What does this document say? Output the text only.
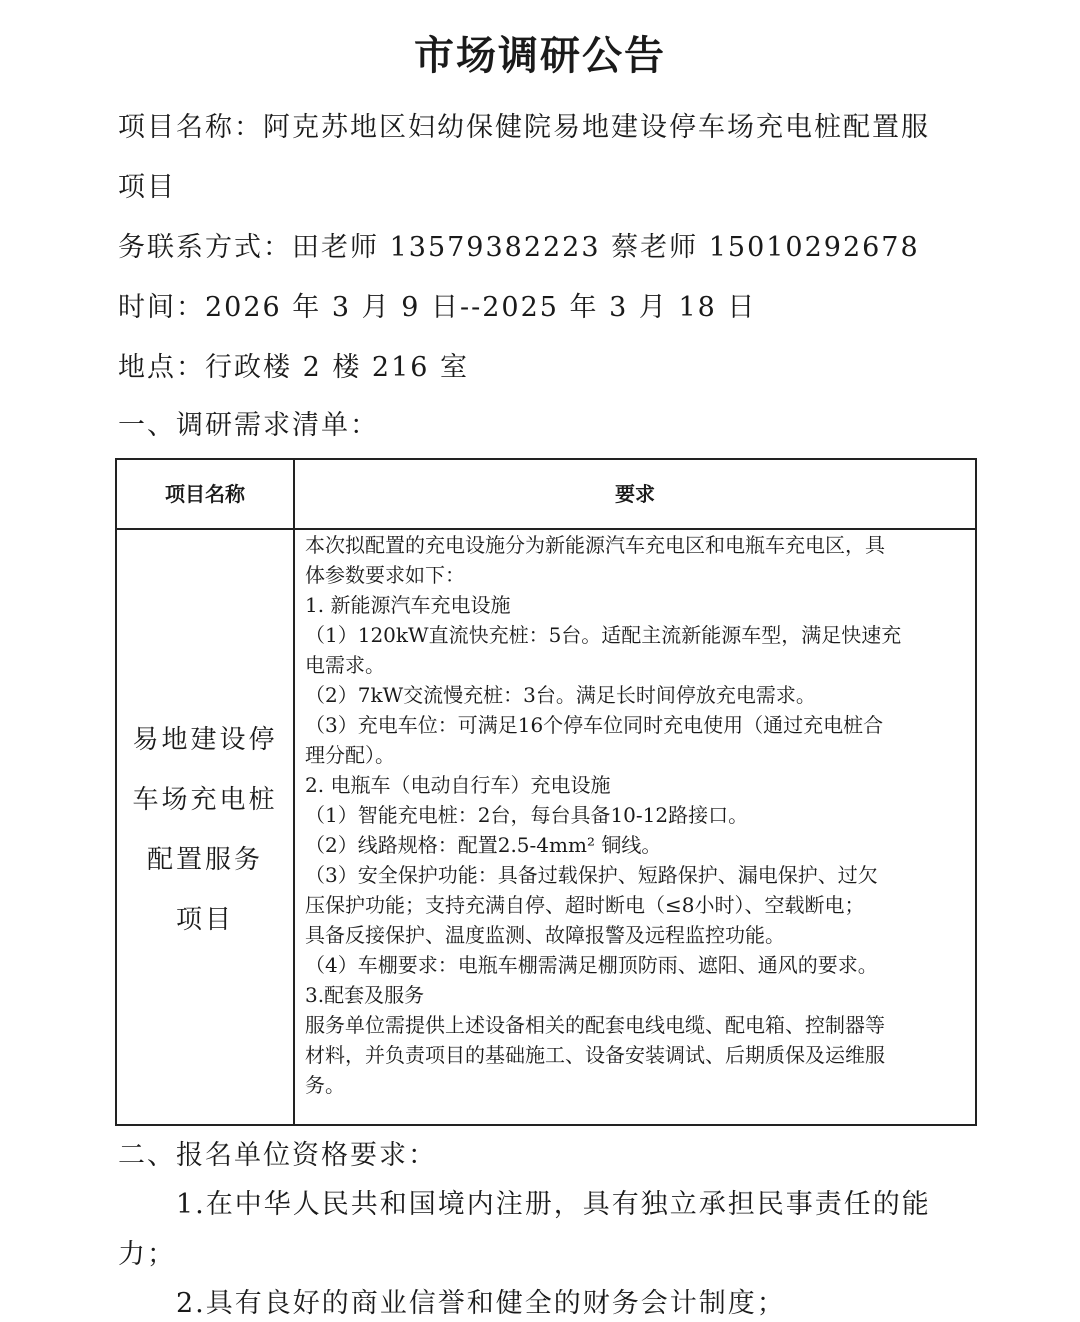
市场调研公告
项目名称：阿克苏地区妇幼保健院易地建设停车场充电桩配置服
项目
务联系方式：田老师 13579382223 蔡老师 15010292678
时间：2026 年 3 月 9 日--2025 年 3 月 18 日
地点：行政楼 2 楼 216 室
一、调研需求清单：
项目名称	要求
易地建设停
车场充电桩
配置服务
项目
本次拟配置的充电设施分为新能源汽车充电区和电瓶车充电区，具
体参数要求如下：
1. 新能源汽车充电设施
（1）120kW直流快充桩：5台。适配主流新能源车型，满足快速充
电需求。
（2）7kW交流慢充桩：3台。满足长时间停放充电需求。
（3）充电车位：可满足16个停车位同时充电使用（通过充电桩合
理分配）。
2. 电瓶车（电动自行车）充电设施
（1）智能充电桩：2台，每台具备10-12路接口。
（2）线路规格：配置2.5-4mm² 铜线。
（3）安全保护功能：具备过载保护、短路保护、漏电保护、过欠
压保护功能；支持充满自停、超时断电（≤8小时）、空载断电；
具备反接保护、温度监测、故障报警及远程监控功能。
（4）车棚要求：电瓶车棚需满足棚顶防雨、遮阳、通风的要求。
3.配套及服务
服务单位需提供上述设备相关的配套电线电缆、配电箱、控制器等
材料，并负责项目的基础施工、设备安装调试、后期质保及运维服
务。
二、报名单位资格要求：
1.在中华人民共和国境内注册，具有独立承担民事责任的能
力；
2.具有良好的商业信誉和健全的财务会计制度；
